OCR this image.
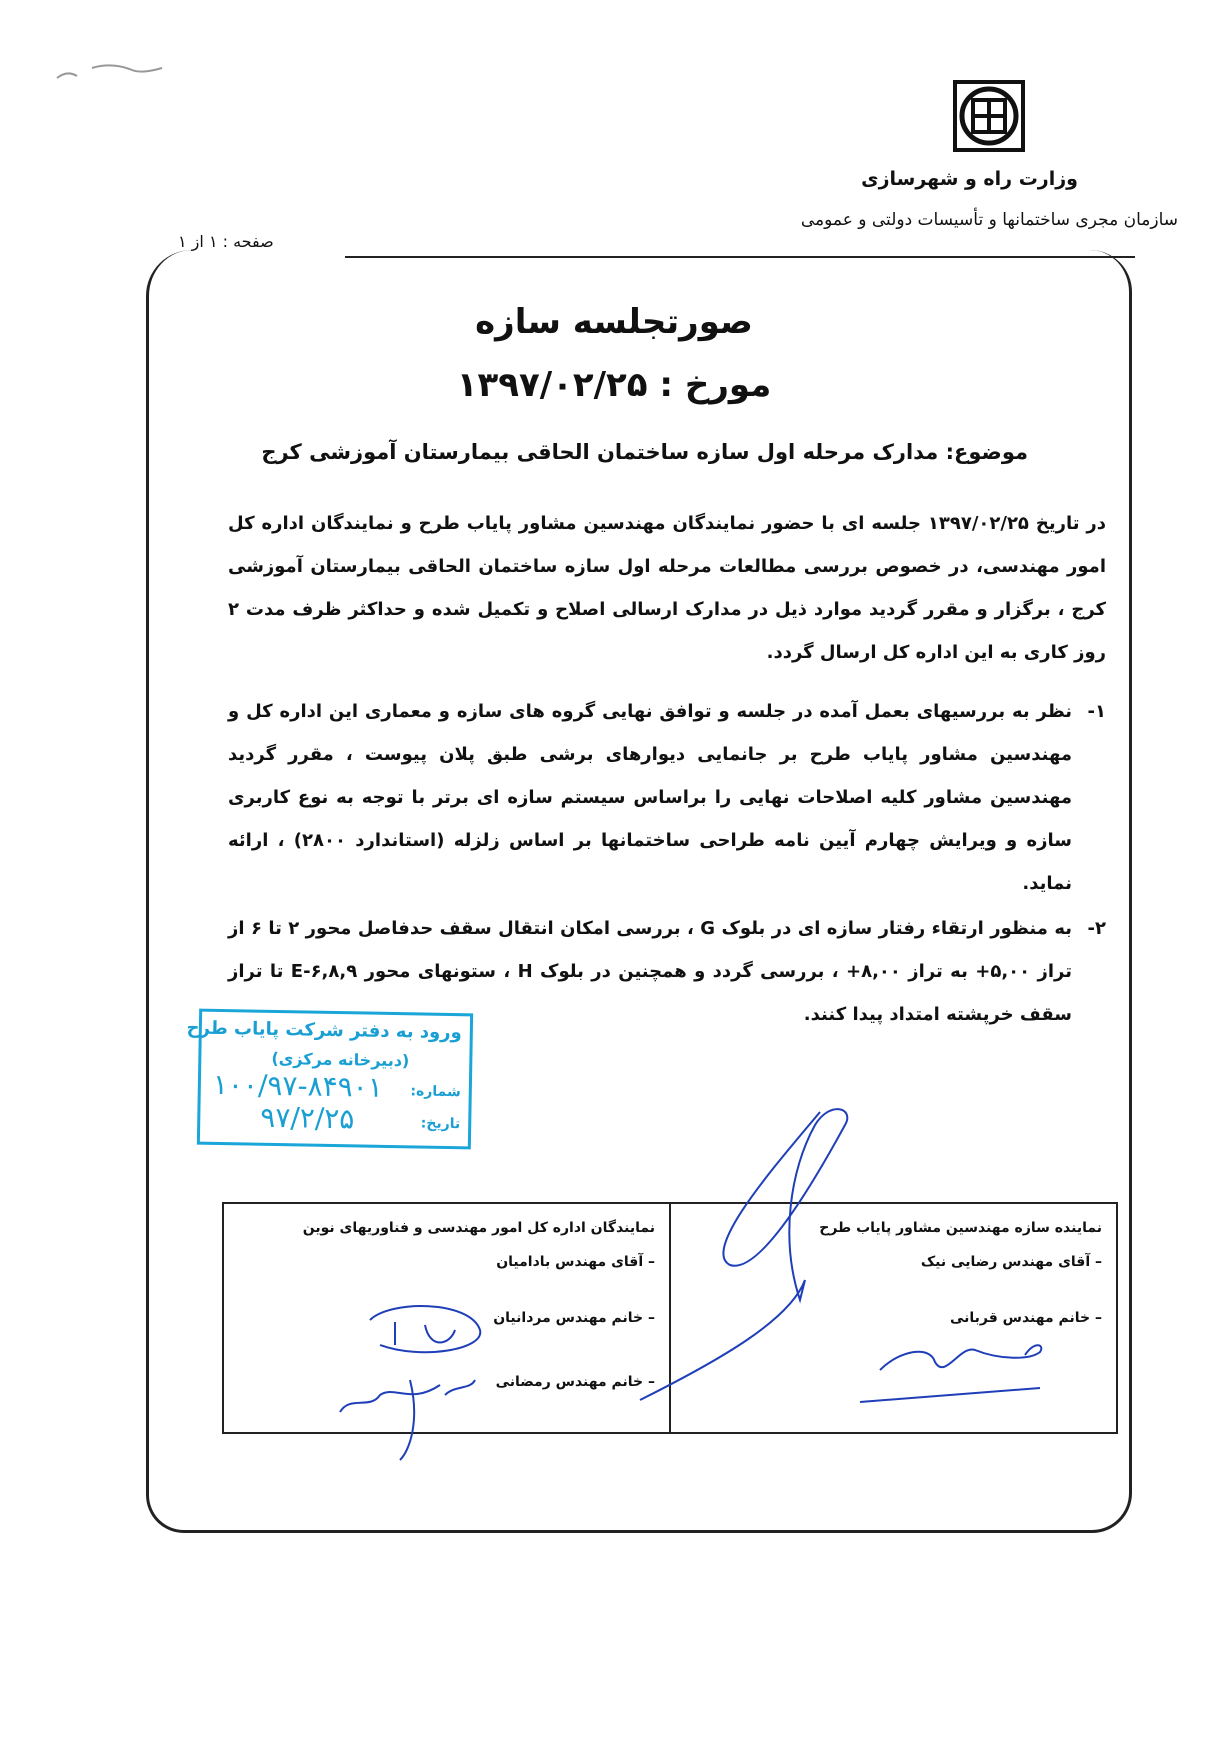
وزارت راه و شهرسازی
سازمان مجری ساختمانها و تأسیسات دولتی و عمومی
صفحه : ۱ از ۱
صورتجلسه سازه
مورخ : ۱۳۹۷/۰۲/۲۵
موضوع: مدارک مرحله اول سازه ساختمان الحاقی بیمارستان آموزشی کرج
در تاریخ ۱۳۹۷/۰۲/۲۵ جلسه ای با حضور نمایندگان مهندسین مشاور پایاب طرح و نمایندگان اداره کل امور مهندسی، در خصوص بررسی مطالعات مرحله اول سازه ساختمان الحاقی بیمارستان آموزشی کرج ، برگزار و مقرر گردید موارد ذیل در مدارک ارسالی اصلاح و تکمیل شده و حداکثر ظرف مدت ۲ روز کاری به این اداره کل ارسال گردد.
۱-
نظر به بررسیهای بعمل آمده در جلسه و توافق نهایی گروه های سازه و معماری این اداره کل و مهندسین مشاور پایاب طرح بر جانمایی دیوارهای برشی طبق پلان پیوست ، مقرر گردید مهندسین مشاور کلیه اصلاحات نهایی را براساس سیستم سازه ای برتر با توجه به نوع کاربری سازه و ویرایش چهارم آیین نامه طراحی ساختمانها بر اساس زلزله (استاندارد ۲۸۰۰) ، ارائه نماید.
۲-
به منظور ارتقاء رفتار سازه ای در بلوک G ، بررسی امکان انتقال سقف حدفاصل محور ۲ تا ۶ از تراز ۵,۰۰+ به تراز ۸,۰۰+ ، بررسی گردد و همچنین در بلوک H ، ستونهای محور E-۶,۸,۹ تا تراز سقف خرپشته امتداد پیدا کنند.
ورود به دفتر شرکت پایاب طرح
(دبیرخانه مرکزی)
شماره:
۱۰۰/۹۷-۸۴۹۰۱
تاریخ:
۹۷/۲/۲۵
نماینده سازه مهندسین مشاور پایاب طرح
– آقای مهندس رضایی نیک
– خانم مهندس قربانی
نمایندگان اداره کل امور مهندسی و فناوریهای نوین
– آقای مهندس بادامیان
– خانم مهندس مردانیان
– خانم مهندس رمضانی
